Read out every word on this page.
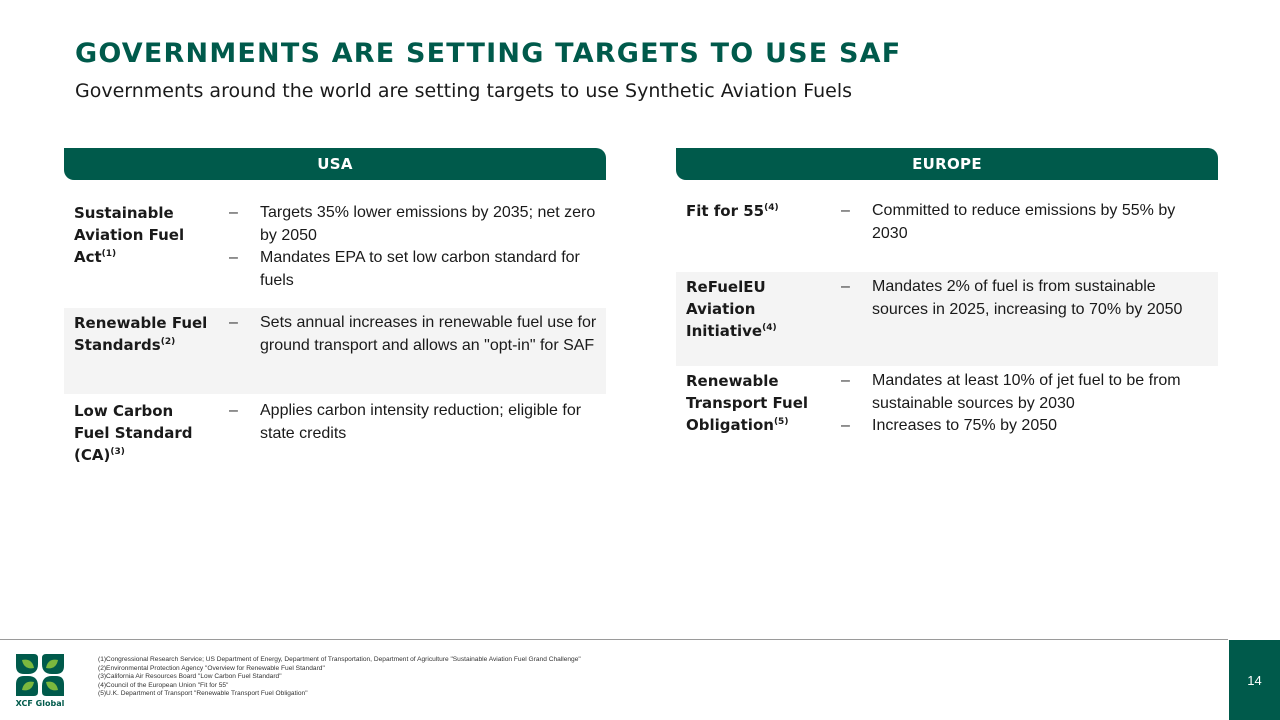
GOVERNMENTS ARE SETTING TARGETS TO USE SAF
Governments around the world are setting targets to use Synthetic Aviation Fuels
USA
Sustainable Aviation Fuel Act$^{(1)}$
– Targets 35% lower emissions by 2035; net zero by 2050
– Mandates EPA to set low carbon standard for fuels
Renewable Fuel Standards$^{(2)}$
– Sets annual increases in renewable fuel use for ground transport and allows an "opt-in" for SAF
Low Carbon Fuel Standard (CA)$^{(3)}$
– Applies carbon intensity reduction; eligible for state credits
EUROPE
Fit for 55$^{(4)}$
–	Committed to reduce emissions by 55% by 2030
ReFuelEU Aviation Initiative$^{(4)}$
– Mandates 2% of fuel is from sustainable sources in 2025, increasing to 70% by 2050
Renewable Transport Fuel Obligation$^{(5)}$
– Mandates at least 10% of jet fuel to be from sustainable sources by 2030
– Increases to 75% by 2050
XCF Global
(1)Congressional Research Service; US Department of Energy, Department of Transportation, Department of Agriculture "Sustainable Aviation Fuel Grand Challenge"
(2)Environmental Protection Agency "Overview for Renewable Fuel Standard"
(3)California Air Resources Board "Low Carbon Fuel Standard"
(4)Council of the European Union "Fit for 55"
(5)U.K. Department of Transport "Renewable Transport Fuel Obligation"
14
